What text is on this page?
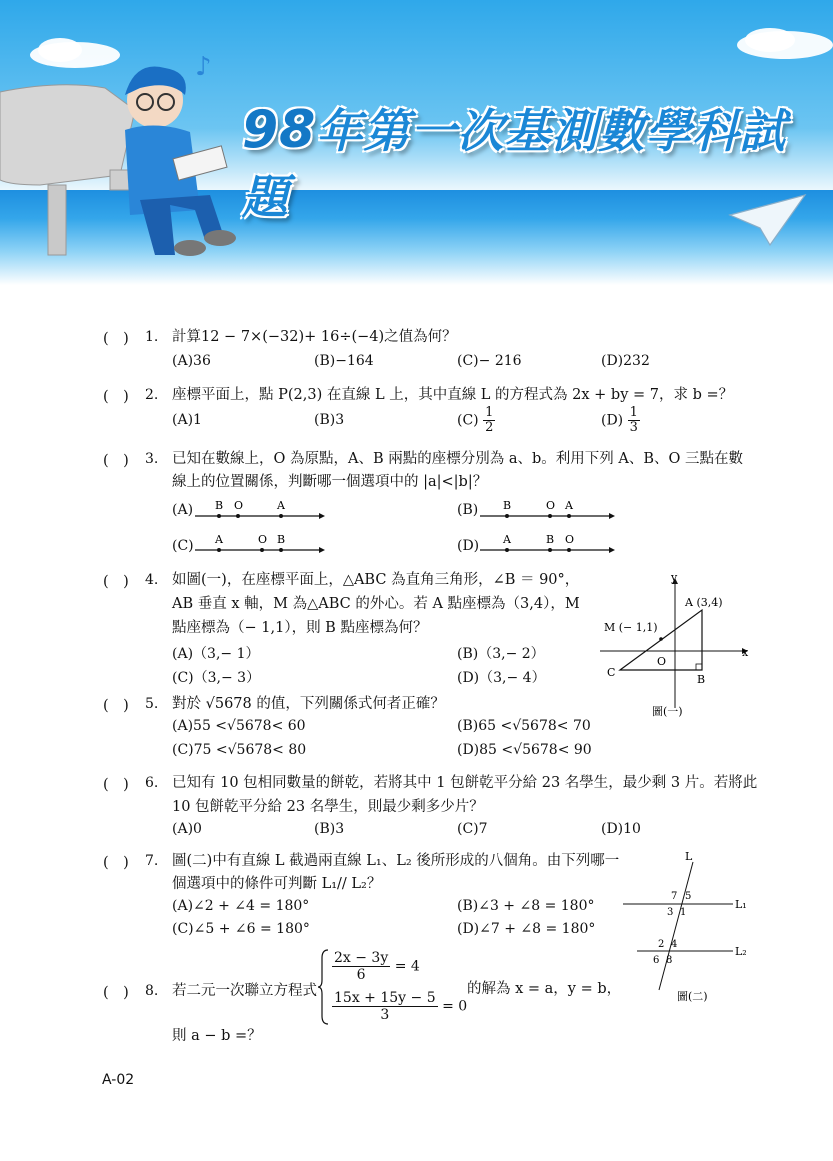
♪
98年第一次基測數學科試題
(　) 1. 計算12 − 7×(−32)+ 16÷(−4)之值為何？
(A)36	(B)−164	(C)− 216	(D)232
(　) 2. 座標平面上，點 P(2,3) 在直線 L 上，其中直線 L 的方程式為 2x + by = 7，求 b =？
(A)1	(B)3	$(C) \frac{1}{2}$	$(D) \frac{1}{3}$
(　) 3. 已知在數線上，O 為原點，A、B 兩點的座標分別為 a、b。利用下列 A、B、O 三點在數
線上的位置關係，判斷哪一個選項中的 |a|<|b|？
(A) B O	A	(B) B	O A
(C) A	O B	(D) A	B O
(　) 4. 如圖(一)，在座標平面上，△ABC 為直角三角形，∠B ＝ 90°，
AB 垂直 x 軸，M 為△ABC 的外心。若 A 點座標為（3,4），M
點座標為（− 1,1），則 B 點座標為何？
(A)（3,− 1）	(B)（3,− 2）
(C)（3,− 3）	(D)（3,− 4）
y
x
A (3,4)
M (− 1,1)
O
C
B
圖(一)
(　) 5. 對於 √5678 的值，下列關係式何者正確？
(A)55 <√5678< 60	(B)65 <√5678< 70
(C)75 <√5678< 80	(D)85 <√5678< 90
(　) 6. 已知有 10 包相同數量的餅乾，若將其中 1 包餅乾平分給 23 名學生，最少剩 3 片。若將此
10 包餅乾平分給 23 名學生，則最少剩多少片？
(A)0	(B)3	(C)7	(D)10
(　) 7. 圖(二)中有直線 L 截過兩直線 L₁、L₂ 後所形成的八個角。由下列哪一
個選項中的條件可判斷 L₁// L₂？
(A)∠2 + ∠4 = 180°	(B)∠3 + ∠8 = 180°
(C)∠5 + ∠6 = 180°	(D)∠7 + ∠8 = 180°
L
L₁
L₂
7 5
3 1
2 4
6 8
圖(二)
(　) 8. 若二元一次聯立方程式
$\frac{2x - 3y}{6} = 4$
$\frac{15x + 15y - 5}{3} = 0$
的解為 x = a，y = b，
則 a − b =？
A-02
